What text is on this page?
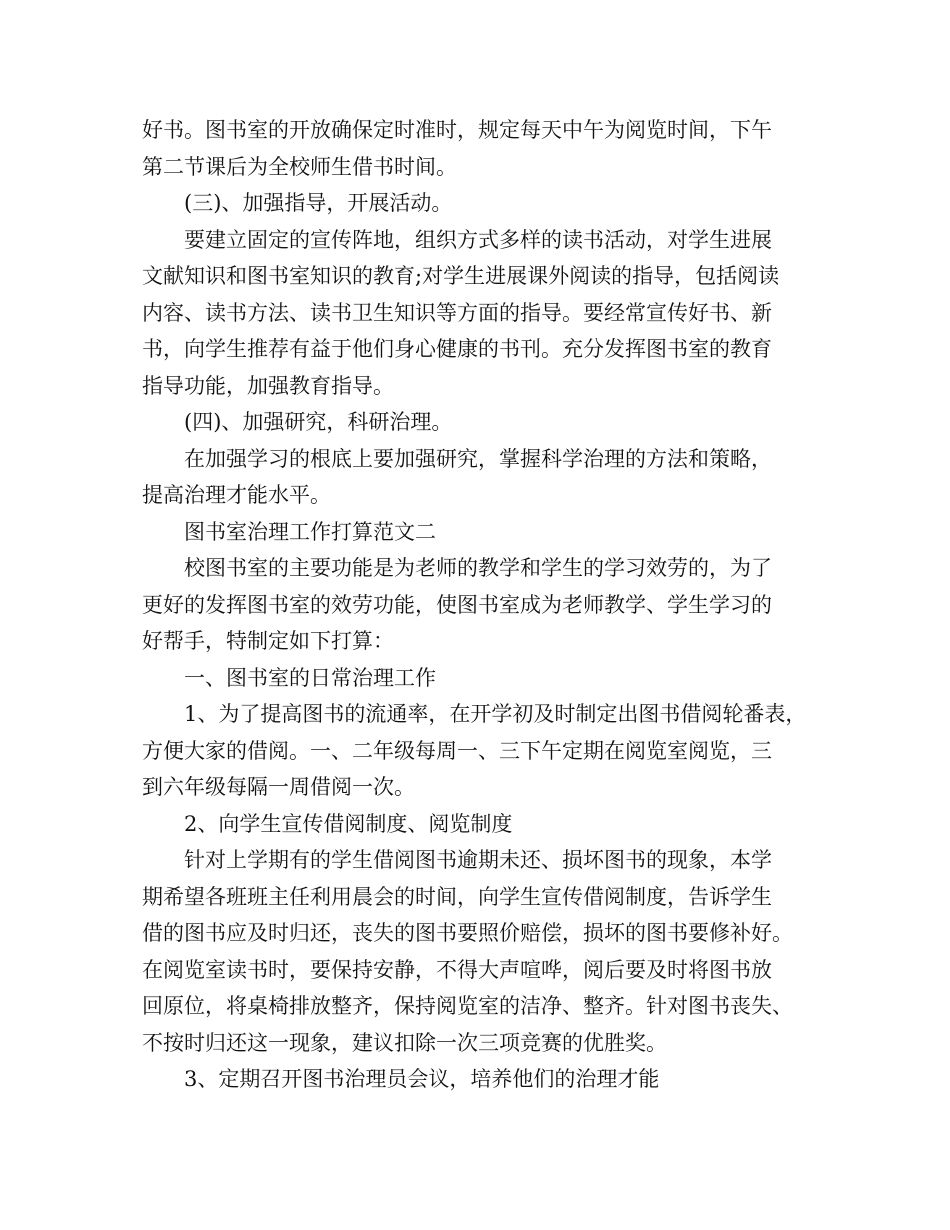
好书。图书室的开放确保定时准时，规定每天中午为阅览时间，下午
第二节课后为全校师生借书时间。
(三)、加强指导，开展活动。
要建立固定的宣传阵地，组织方式多样的读书活动，对学生进展
文献知识和图书室知识的教育;对学生进展课外阅读的指导，包括阅读
内容、读书方法、读书卫生知识等方面的指导。要经常宣传好书、新
书，向学生推荐有益于他们身心健康的书刊。充分发挥图书室的教育
指导功能，加强教育指导。
(四)、加强研究，科研治理。
在加强学习的根底上要加强研究，掌握科学治理的方法和策略，
提高治理才能水平。
图书室治理工作打算范文二
校图书室的主要功能是为老师的教学和学生的学习效劳的，为了
更好的发挥图书室的效劳功能，使图书室成为老师教学、学生学习的
好帮手，特制定如下打算：
一、图书室的日常治理工作
1、为了提高图书的流通率，在开学初及时制定出图书借阅轮番表，
方便大家的借阅。一、二年级每周一、三下午定期在阅览室阅览，三
到六年级每隔一周借阅一次。
2、向学生宣传借阅制度、阅览制度
针对上学期有的学生借阅图书逾期未还、损坏图书的现象，本学
期希望各班班主任利用晨会的时间，向学生宣传借阅制度，告诉学生
借的图书应及时归还，丧失的图书要照价赔偿，损坏的图书要修补好。
在阅览室读书时，要保持安静，不得大声喧哗，阅后要及时将图书放
回原位，将桌椅排放整齐，保持阅览室的洁净、整齐。针对图书丧失、
不按时归还这一现象，建议扣除一次三项竞赛的优胜奖。
3、定期召开图书治理员会议，培养他们的治理才能
